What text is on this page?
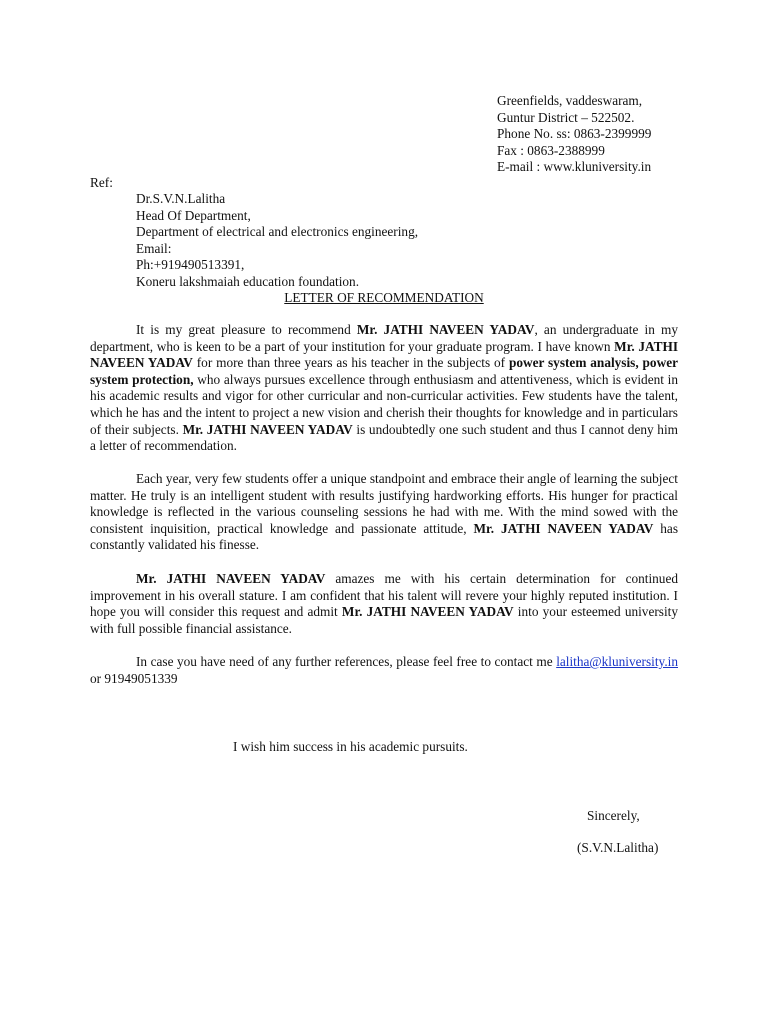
Greenfields, vaddeswaram,
Guntur District – 522502.
Phone No. ss: 0863-2399999
Fax : 0863-2388999
E-mail : www.kluniversity.in
Ref:
Dr.S.V.N.Lalitha
Head Of Department,
Department of electrical and electronics engineering,
Email:
Ph:+919490513391,
Koneru lakshmaiah education foundation.
LETTER OF RECOMMENDATION
It is my great pleasure to recommend Mr. JATHI NAVEEN YADAV, an undergraduate in my department, who is keen to be a part of your institution for your graduate program. I have known Mr. JATHI NAVEEN YADAV for more than three years as his teacher in the subjects of power system analysis, power system protection, who always pursues excellence through enthusiasm and attentiveness, which is evident in his academic results and vigor for other curricular and non-curricular activities. Few students have the talent, which he has and the intent to project a new vision and cherish their thoughts for knowledge and in particulars of their subjects. Mr. JATHI NAVEEN YADAV is undoubtedly one such student and thus I cannot deny him a letter of recommendation.
Each year, very few students offer a unique standpoint and embrace their angle of learning the subject matter. He truly is an intelligent student with results justifying hardworking efforts. His hunger for practical knowledge is reflected in the various counseling sessions he had with me. With the mind sowed with the consistent inquisition, practical knowledge and passionate attitude, Mr. JATHI NAVEEN YADAV has constantly validated his finesse.
Mr. JATHI NAVEEN YADAV amazes me with his certain determination for continued improvement in his overall stature. I am confident that his talent will revere your highly reputed institution. I hope you will consider this request and admit Mr. JATHI NAVEEN YADAV into your esteemed university with full possible financial assistance.
In case you have need of any further references, please feel free to contact me lalitha@kluniversity.in or 91949051339
I wish him success in his academic pursuits.
Sincerely,
(S.V.N.Lalitha)
